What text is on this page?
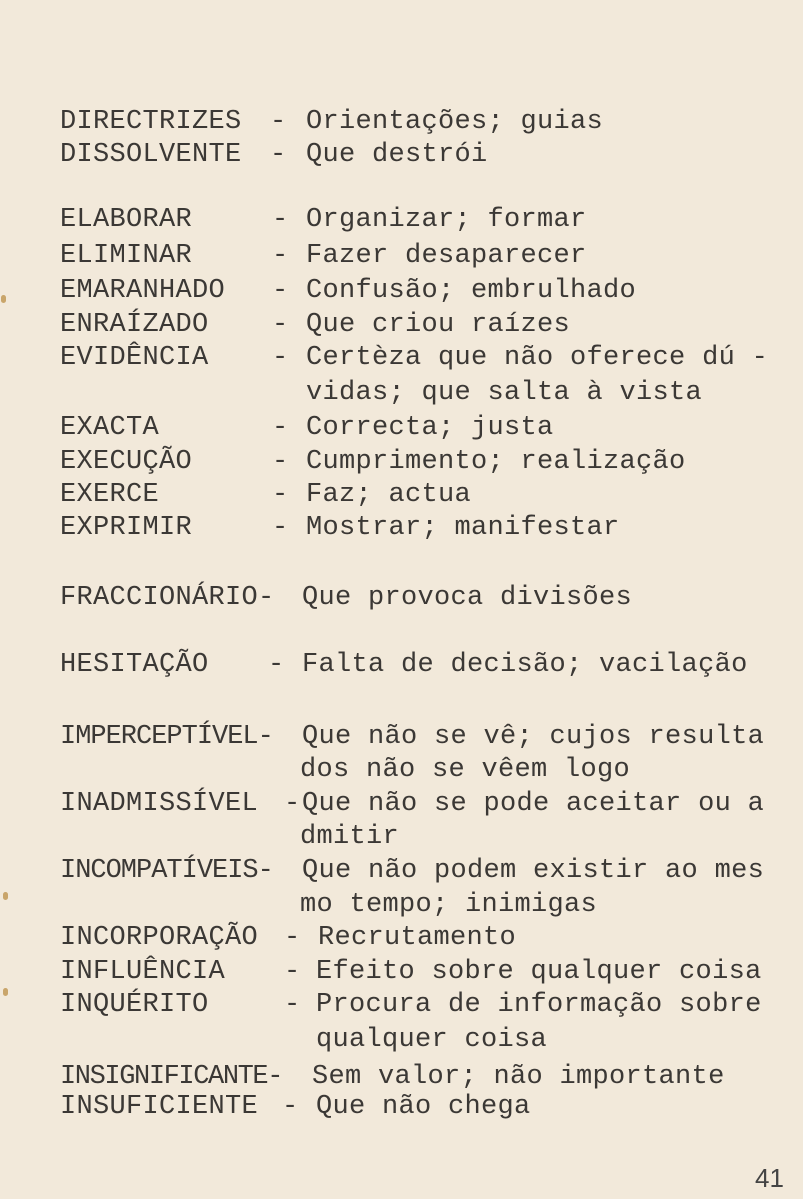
DIRECTRIZES - Orientações; guias
DISSOLVENTE - Que destrói
ELABORAR	- Organizar; formar
ELIMINAR	- Fazer desaparecer
EMARANHADO - Confusão; embrulhado
ENRAÍZADO - Que criou raízes
EVIDÊNCIA - Certèza que não oferece dú -
vidas; que salta à vista
EXACTA	- Correcta; justa
EXECUÇÃO	- Cumprimento; realização
EXERCE	- Faz; actua
EXPRIMIR	- Mostrar; manifestar
FRACCIONÁRIO- Que provoca divisões
HESITAÇÃO - Falta de decisão; vacilação
IMPERCEPTÍVEL- Que não se vê; cujos resulta
dos não se vêem logo
INADMISSÍVEL - Que não se pode aceitar ou a
dmitir
INCOMPATÍVEIS- Que não podem existir ao mes
mo tempo; inimigas
INCORPORAÇÃO - Recrutamento
INFLUÊNCIA - Efeito sobre qualquer coisa
INQUÉRITO	- Procura de informação sobre
qualquer coisa
INSIGNIFICANTE- Sem valor; não importante
INSUFICIENTE - Que não chega
41
